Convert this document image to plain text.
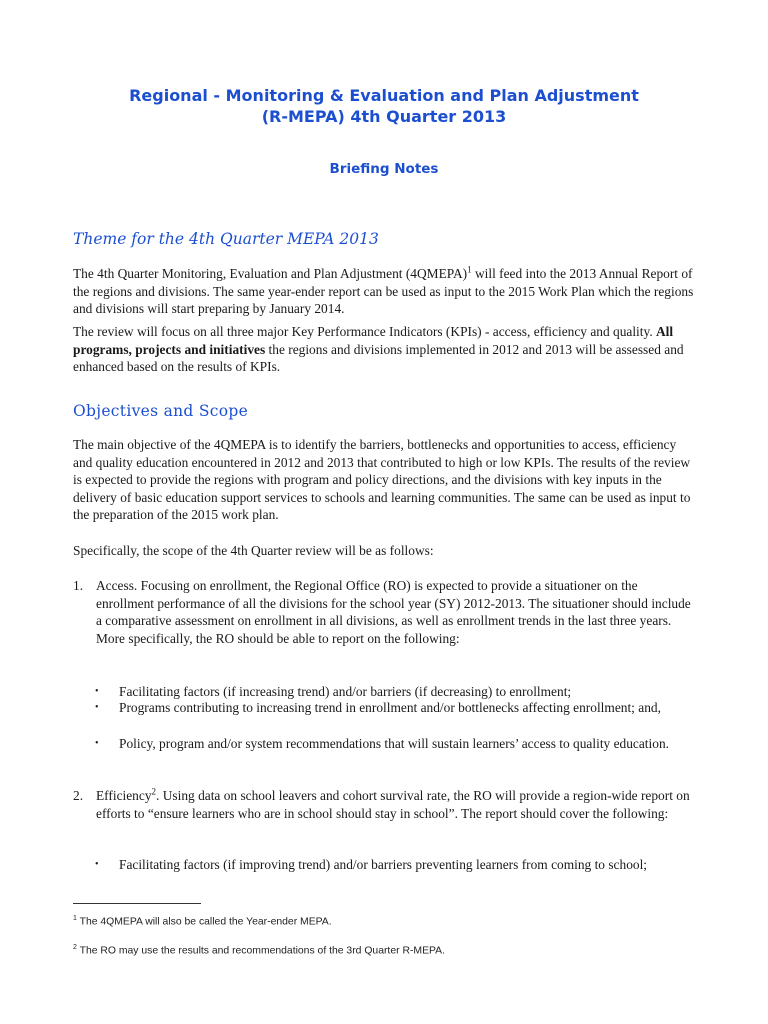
Regional - Monitoring & Evaluation and Plan Adjustment
(R-MEPA) 4th Quarter 2013
Briefing Notes
Theme for the 4th Quarter MEPA 2013
The 4th Quarter Monitoring, Evaluation and Plan Adjustment (4QMEPA)$^1$ will feed into the 2013 Annual Report of the regions and divisions. The same year-ender report can be used as input to the 2015 Work Plan which the regions and divisions will start preparing by January 2014.
The review will focus on all three major Key Performance Indicators (KPIs) - access, efficiency and quality. All programs, projects and initiatives the regions and divisions implemented in 2012 and 2013 will be assessed and enhanced based on the results of KPIs.
Objectives and Scope
The main objective of the 4QMEPA is to identify the barriers, bottlenecks and opportunities to access, efficiency and quality education encountered in 2012 and 2013 that contributed to high or low KPIs. The results of the review is expected to provide the regions with program and policy directions, and the divisions with key inputs in the delivery of basic education support services to schools and learning communities. The same can be used as input to the preparation of the 2015 work plan.
Specifically, the scope of the 4th Quarter review will be as follows:
1. Access. Focusing on enrollment, the Regional Office (RO) is expected to provide a situationer on the enrollment performance of all the divisions for the school year (SY) 2012-2013. The situationer should include a comparative assessment on enrollment in all divisions, as well as enrollment trends in the last three years. More specifically, the RO should be able to report on the following:
• Facilitating factors (if increasing trend) and/or barriers (if decreasing) to enrollment;
• Programs contributing to increasing trend in enrollment and/or bottlenecks affecting enrollment; and,
• Policy, program and/or system recommendations that will sustain learners’ access to quality education.
2. Efficiency$^2$. Using data on school leavers and cohort survival rate, the RO will provide a region-wide report on efforts to “ensure learners who are in school should stay in school”. The report should cover the following:
• Facilitating factors (if improving trend) and/or barriers preventing learners from coming to school;
$^1$ The 4QMEPA will also be called the Year-ender MEPA.
$^2$ The RO may use the results and recommendations of the 3rd Quarter R-MEPA.
